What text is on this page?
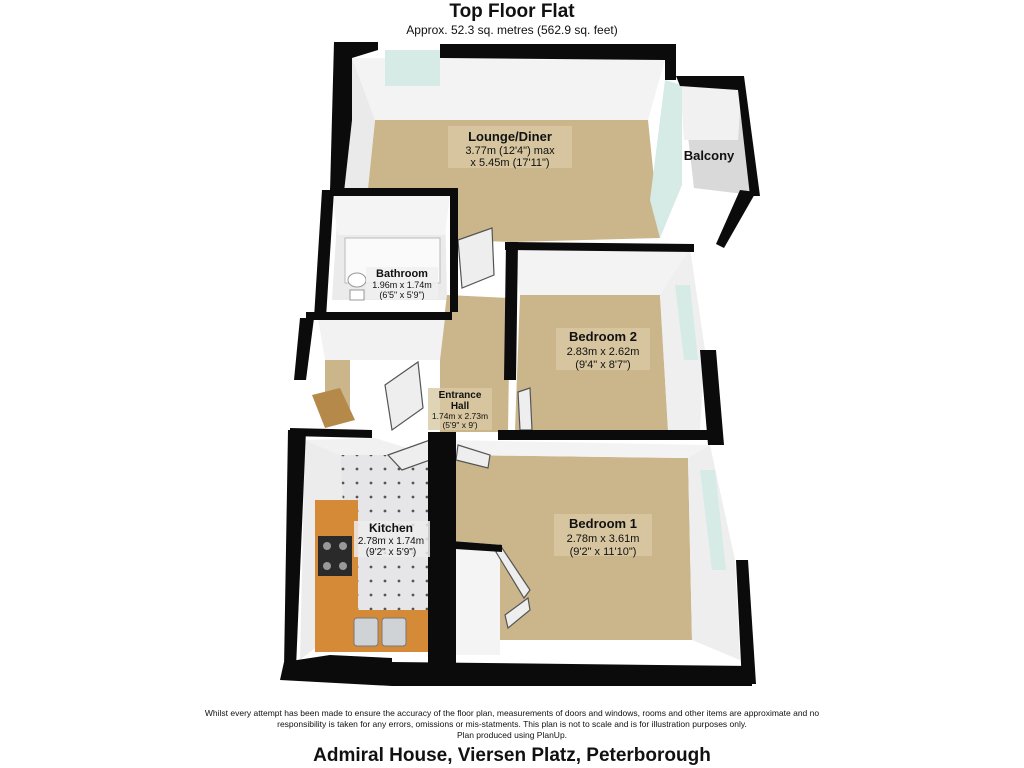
Top Floor Flat
Approx. 52.3 sq. metres (562.9 sq. feet)
Lounge/Diner
3.77m (12'4") max
x 5.45m (17'11")	Balcony
Bathroom
1.96m x 1.74m
(6'5" x 5'9")
Bedroom 2
2.83m x 2.62m
(9'4" x 8'7")
Entrance
Hall
1.74m x 2.73m
(5'9" x 9')
Kitchen
2.78m x 1.74m
(9'2" x 5'9")
Bedroom 1
2.78m x 3.61m
(9'2" x 11'10")
Whilst every attempt has been made to ensure the accuracy of the floor plan, measurements of doors and windows, rooms and other items are approximate and no
responsibility is taken for any errors, omissions or mis-statments. This plan is not to scale and is for illustration purposes only.
Plan produced using PlanUp.
Admiral House, Viersen Platz, Peterborough
